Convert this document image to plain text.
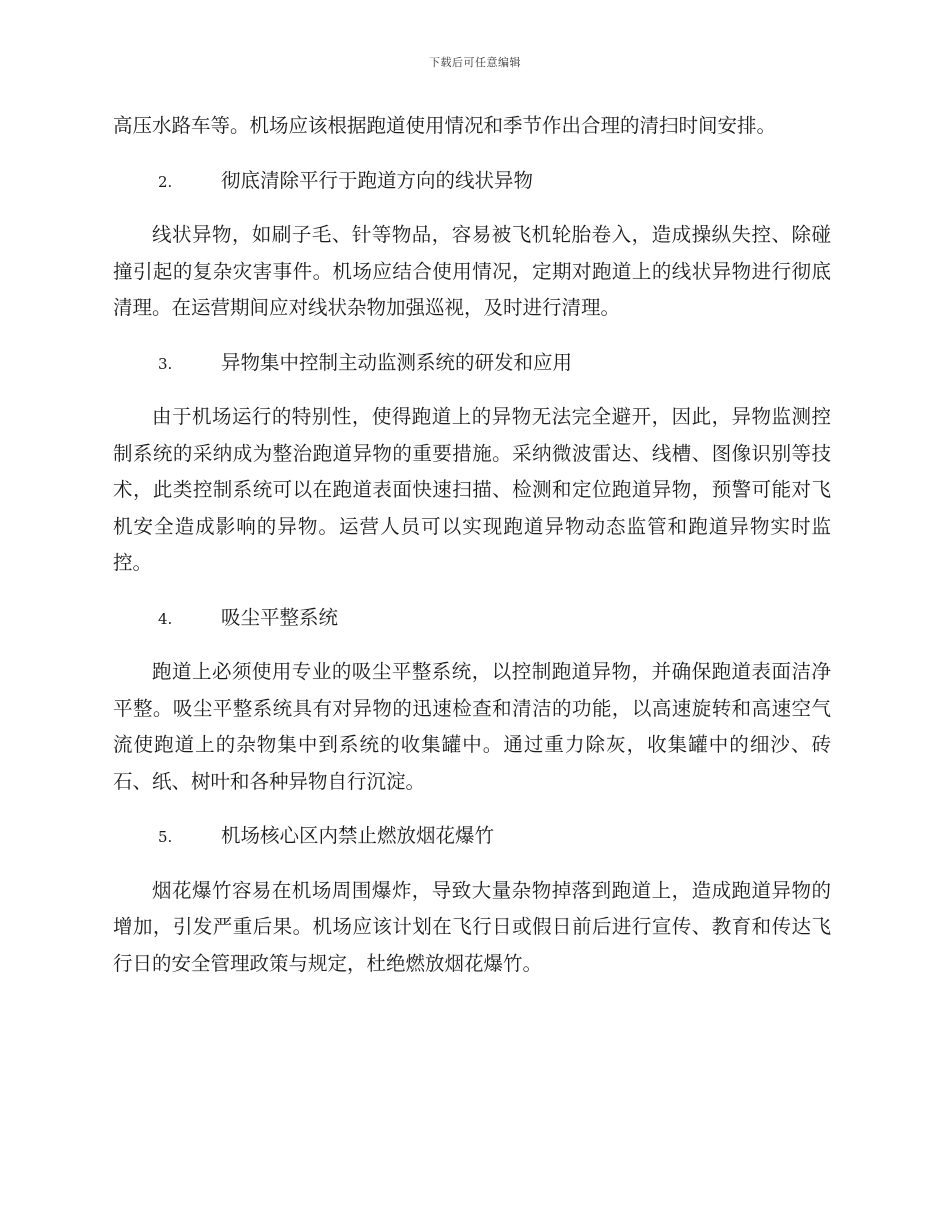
下载后可任意编辑

高压水路车等。机场应该根据跑道使用情况和季节作出合理的清扫时间安排。

2.	彻底清除平行于跑道方向的线状异物

线状异物，如刷子毛、针等物品，容易被飞机轮胎卷入，造成操纵失控、除碰撞引起的复杂灾害事件。机场应结合使用情况，定期对跑道上的线状异物进行彻底清理。在运营期间应对线状杂物加强巡视，及时进行清理。

3.	异物集中控制主动监测系统的研发和应用

由于机场运行的特别性，使得跑道上的异物无法完全避开，因此，异物监测控制系统的采纳成为整治跑道异物的重要措施。采纳微波雷达、线槽、图像识别等技术，此类控制系统可以在跑道表面快速扫描、检测和定位跑道异物，预警可能对飞机安全造成影响的异物。运营人员可以实现跑道异物动态监管和跑道异物实时监控。

4.	吸尘平整系统

跑道上必须使用专业的吸尘平整系统，以控制跑道异物，并确保跑道表面洁净平整。吸尘平整系统具有对异物的迅速检查和清洁的功能，以高速旋转和高速空气流使跑道上的杂物集中到系统的收集罐中。通过重力除灰，收集罐中的细沙、砖石、纸、树叶和各种异物自行沉淀。

5.	机场核心区内禁止燃放烟花爆竹

烟花爆竹容易在机场周围爆炸，导致大量杂物掉落到跑道上，造成跑道异物的增加，引发严重后果。机场应该计划在飞行日或假日前后进行宣传、教育和传达飞行日的安全管理政策与规定，杜绝燃放烟花爆竹。
